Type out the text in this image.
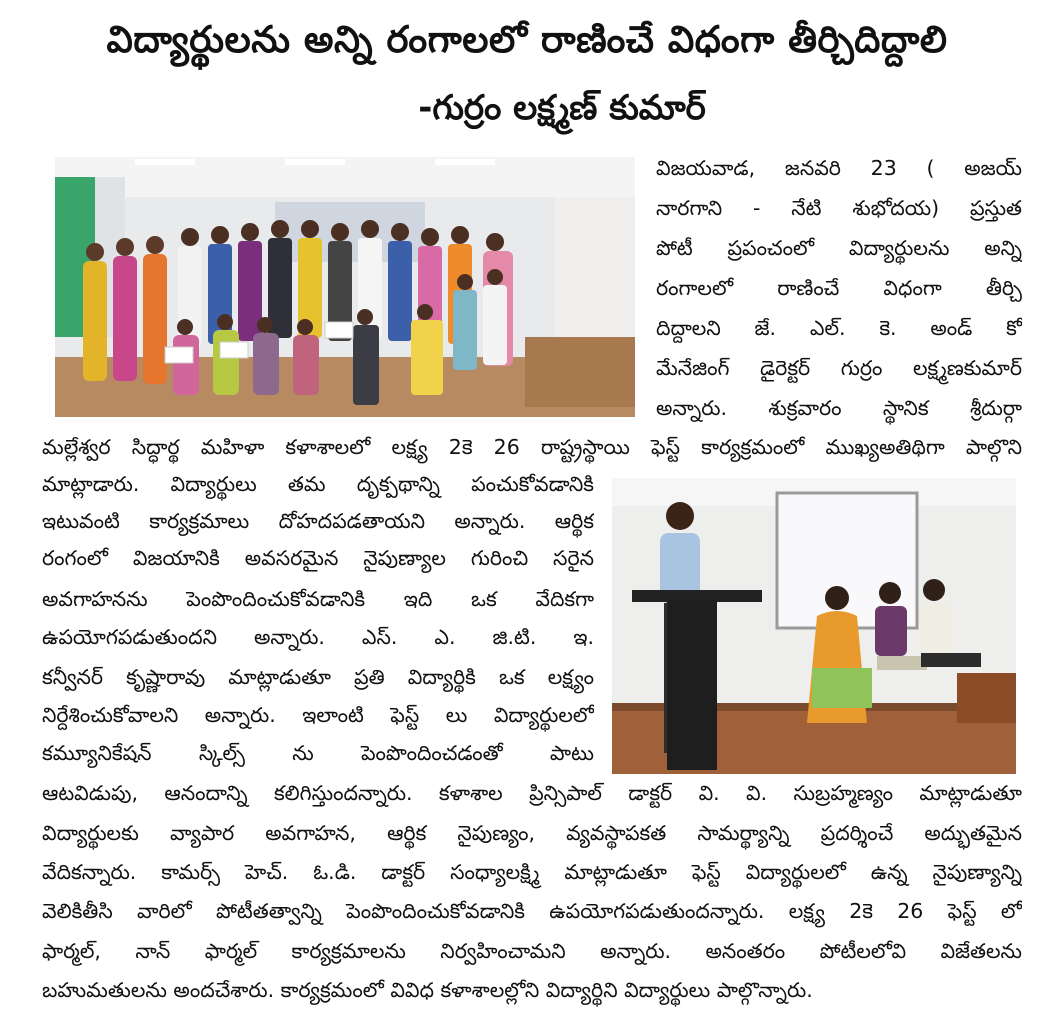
విద్యార్థులను అన్ని రంగాలలో రాణించే విధంగా తీర్చిదిద్దాలి
-గుర్రం లక్ష్మణ్ కుమార్
విజయవాడ, జనవరి 23 ( అజయ్
నారగాని - నేటి శుభోదయ) ప్రస్తుత
పోటీ ప్రపంచంలో విద్యార్థులను అన్ని
రంగాలలో రాణించే విధంగా తీర్చి
దిద్దాలని జే. ఎల్. కె. అండ్ కో
మేనేజింగ్ డైరెక్టర్ గుర్రం లక్ష్మణకుమార్
అన్నారు. శుక్రవారం స్థానిక శ్రీదుర్గా
మల్లేశ్వర సిద్ధార్థ మహిళా కళాశాలలో లక్ష్య 2కె 26 రాష్ట్రస్థాయి ఫెస్ట్ కార్యక్రమంలో ముఖ్యఅతిథిగా పాల్గొని
మాట్లాడారు. విద్యార్థులు తమ దృక్పథాన్ని పంచుకోవడానికి
ఇటువంటి కార్యక్రమాలు దోహదపడతాయని అన్నారు. ఆర్థిక
రంగంలో విజయానికి అవసరమైన నైపుణ్యాల గురించి సరైన
అవగాహనను పెంపొందించుకోవడానికి ఇది ఒక వేదికగా
ఉపయోగపడుతుందని అన్నారు. ఎస్. ఎ. జి.టి. ఇ.
కన్వీనర్ కృష్ణారావు మాట్లాడుతూ ప్రతి విద్యార్థికి ఒక లక్ష్యం
నిర్దేశించుకోవాలని అన్నారు. ఇలాంటి ఫెస్ట్ లు విద్యార్థులలో
కమ్యూనికేషన్ స్కిల్స్ ను పెంపొందించడంతో పాటు
ఆటవిడుపు, ఆనందాన్ని కలిగిస్తుందన్నారు. కళాశాల ప్రిన్సిపాల్ డాక్టర్ వి. వి. సుబ్రహ్మణ్యం మాట్లాడుతూ
విద్యార్థులకు వ్యాపార అవగాహన, ఆర్థిక నైపుణ్యం, వ్యవస్థాపకత సామర్థ్యాన్ని ప్రదర్శించే అద్భుతమైన
వేదికన్నారు. కామర్స్ హెచ్. ఓ.డి. డాక్టర్ సంధ్యాలక్ష్మి మాట్లాడుతూ ఫెస్ట్ విద్యార్థులలో ఉన్న నైపుణ్యాన్ని
వెలికితీసి వారిలో పోటీతత్వాన్ని పెంపొందించుకోవడానికి ఉపయోగపడుతుందన్నారు. లక్ష్య 2కె 26 ఫెస్ట్ లో
ఫార్మల్, నాన్ ఫార్మల్ కార్యక్రమాలను నిర్వహించామని అన్నారు. అనంతరం పోటీలలోవి విజేతలను
బహుమతులను అందచేశారు. కార్యక్రమంలో వివిధ కళాశాలల్లోని విద్యార్థిని విద్యార్థులు పాల్గొన్నారు.
